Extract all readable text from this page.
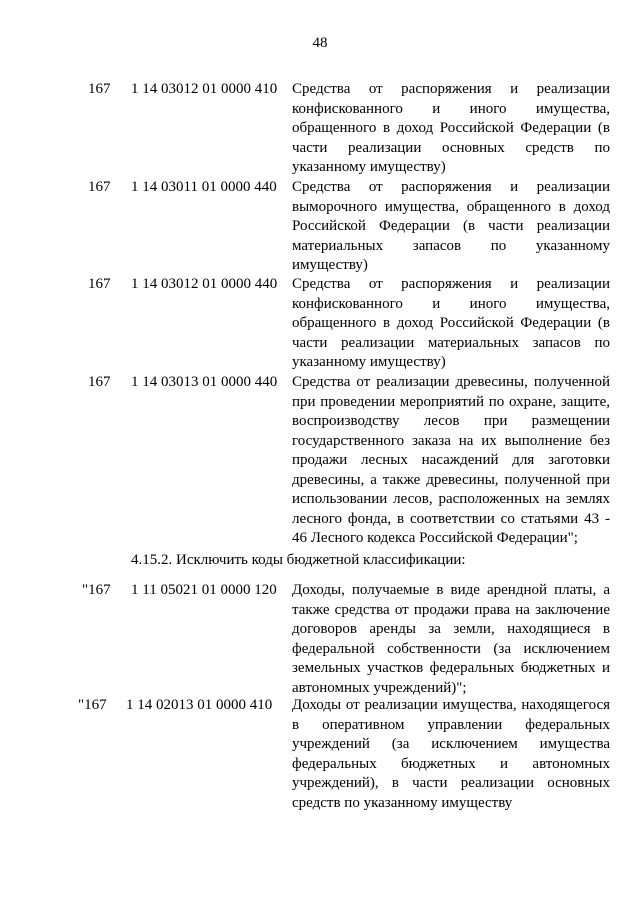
48
167 1 14 03012 01 0000 410 Средства от распоряжения и реализации конфискованного и иного имущества, обращенного в доход Российской Федерации (в части реализации основных средств по указанному имуществу)
167 1 14 03011 01 0000 440 Средства от распоряжения и реализации выморочного имущества, обращенного в доход Российской Федерации (в части реализации материальных запасов по указанному имуществу)
167 1 14 03012 01 0000 440 Средства от распоряжения и реализации конфискованного и иного имущества, обращенного в доход Российской Федерации (в части реализации материальных запасов по указанному имуществу)
167 1 14 03013 01 0000 440 Средства от реализации древесины, полученной при проведении мероприятий по охране, защите, воспроизводству лесов при размещении государственного заказа на их выполнение без продажи лесных насаждений для заготовки древесины, а также древесины, полученной при использовании лесов, расположенных на землях лесного фонда, в соответствии со статьями 43 - 46 Лесного кодекса Российской Федерации";
4.15.2. Исключить коды бюджетной классификации:
"167 1 11 05021 01 0000 120 Доходы, получаемые в виде арендной платы, а также средства от продажи права на заключение договоров аренды за земли, находящиеся в федеральной собственности (за исключением земельных участков федеральных бюджетных и автономных учреждений)";
"167 1 14 02013 01 0000 410 Доходы от реализации имущества, находящегося в оперативном управлении федеральных учреждений (за исключением имущества федеральных бюджетных и автономных учреждений), в части реализации основных средств по указанному имуществу
